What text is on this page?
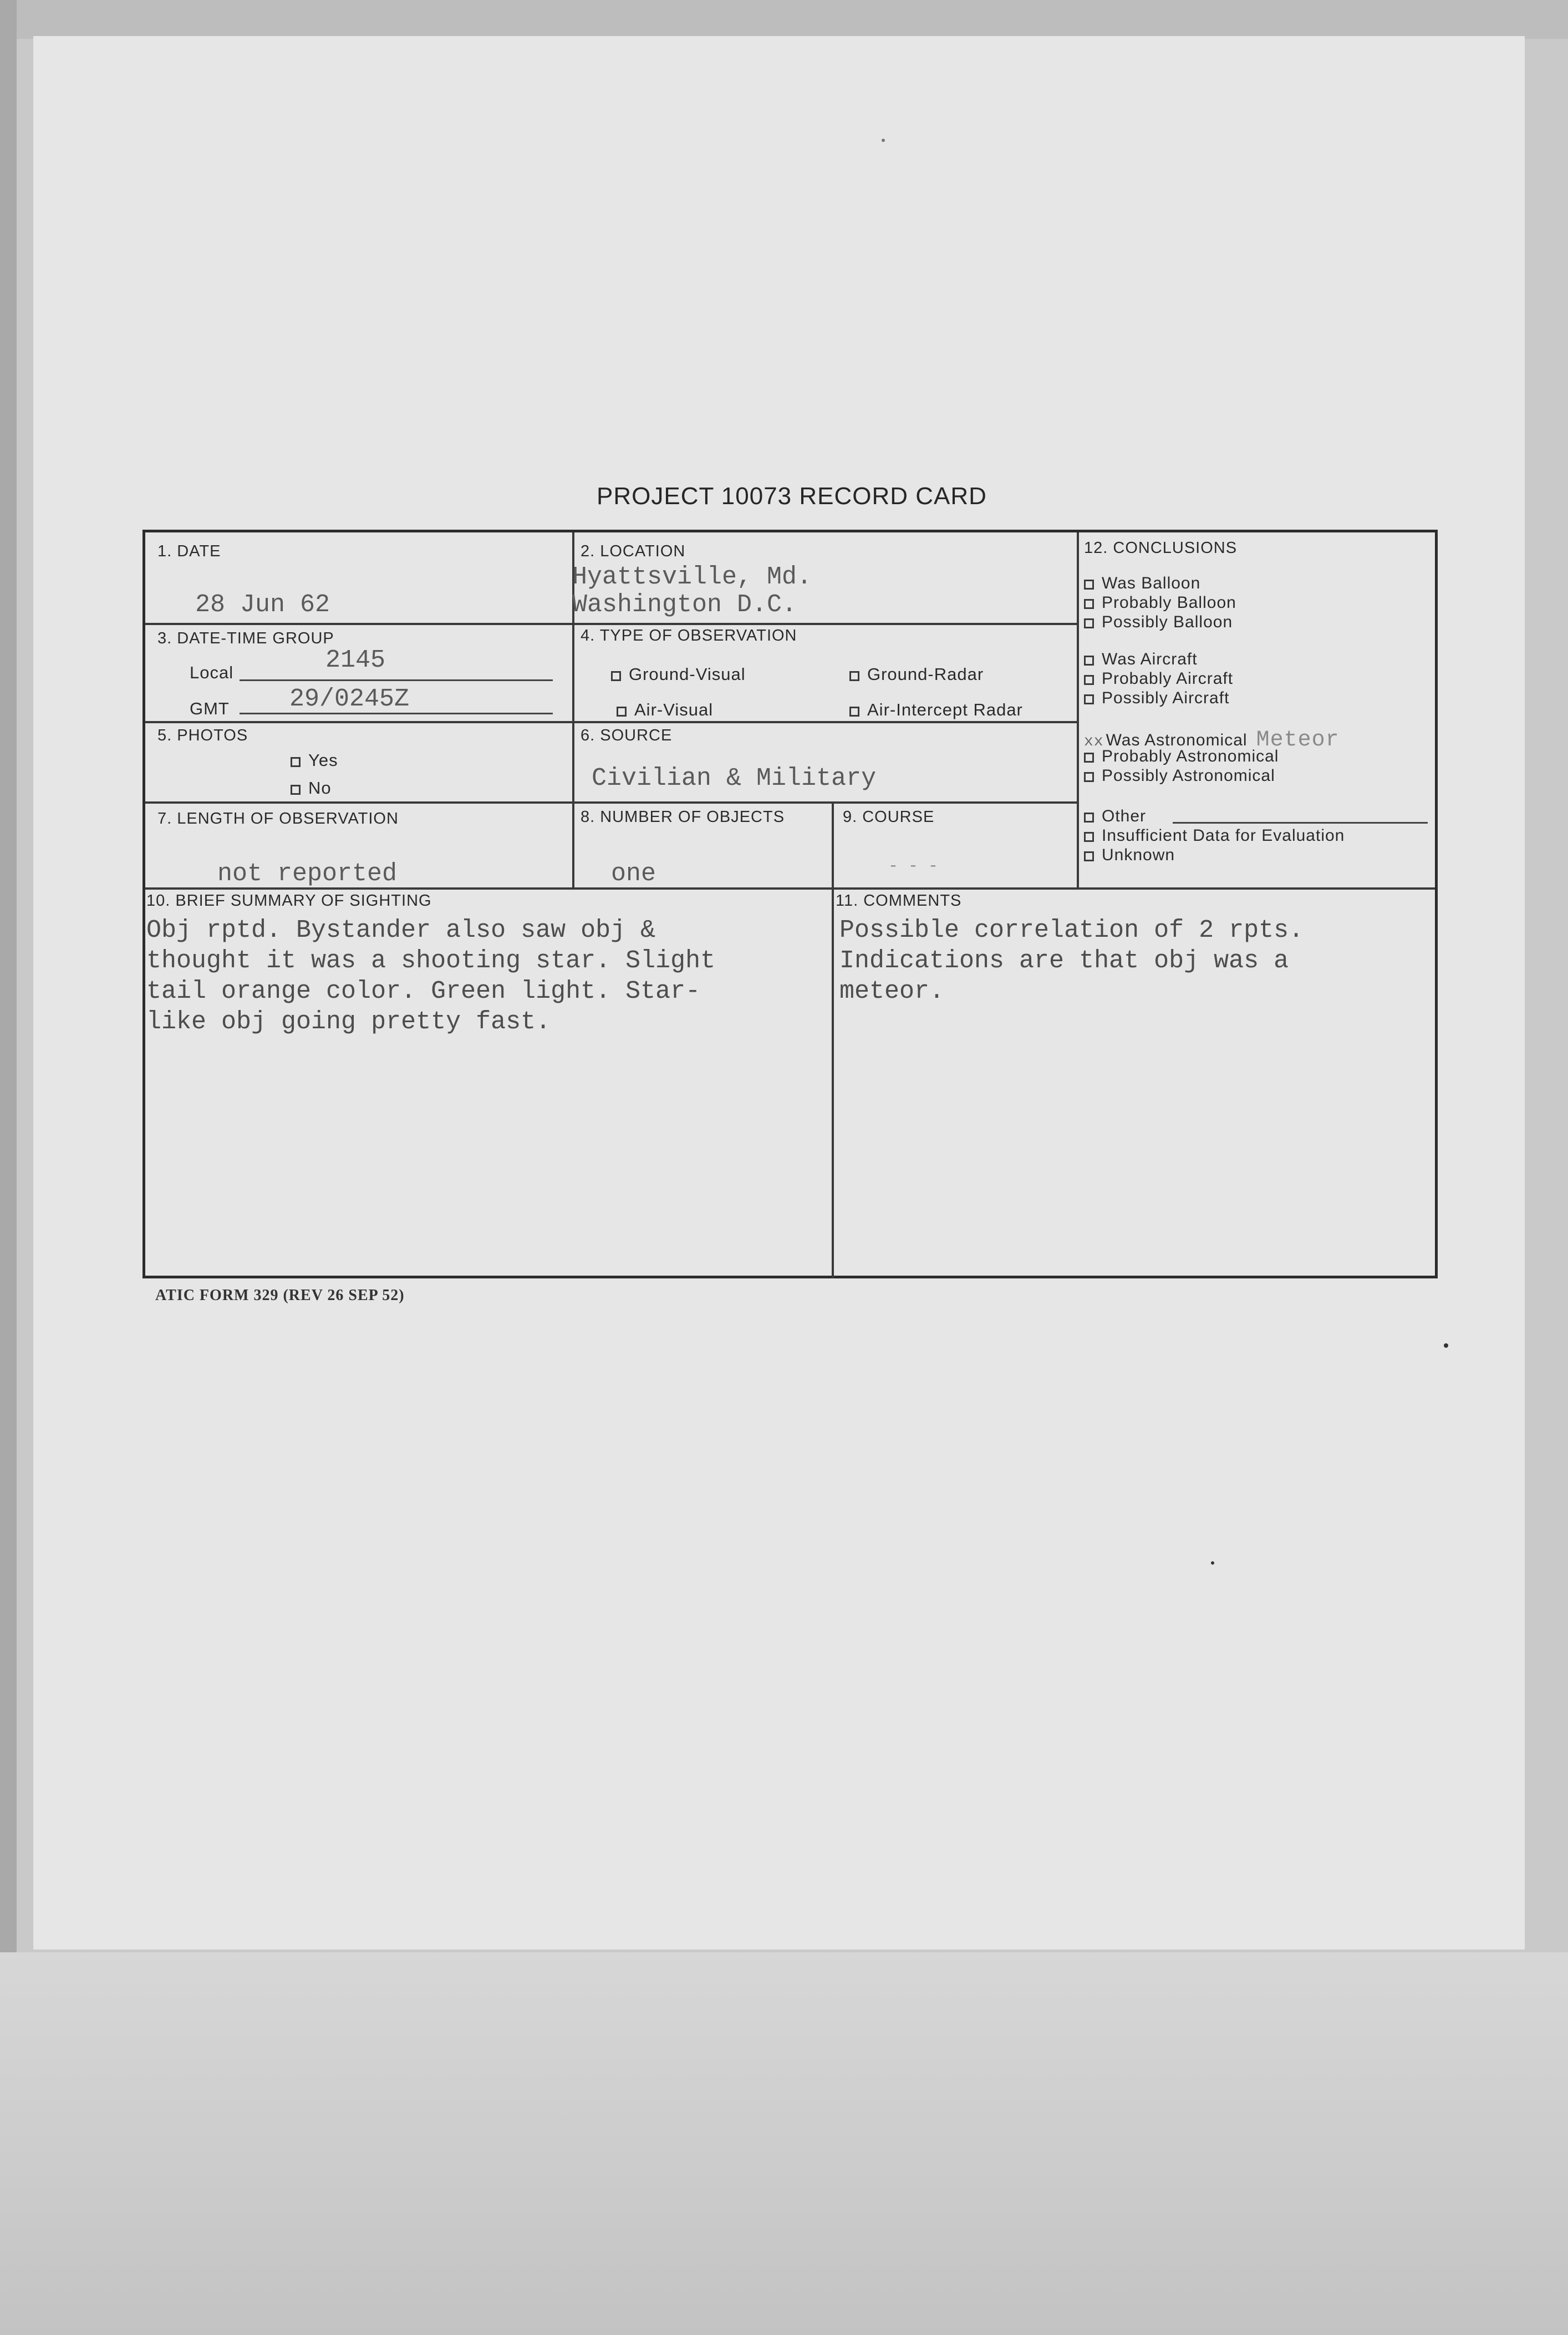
PROJECT 10073 RECORD CARD
1. DATE
28 Jun 62
2. LOCATION
Hyattsville, Md.
Washington D.C.
3. DATE-TIME GROUP
Local	2145
GMT 29/0245Z
4. TYPE OF OBSERVATION
Ground-Visual	Ground-Radar
Air-Visual	Air-Intercept Radar
5. PHOTOS
Yes
No
6. SOURCE
Civilian & Military
7. LENGTH OF OBSERVATION
not reported
8. NUMBER OF OBJECTS
one
9. COURSE
- - -
10. BRIEF SUMMARY OF SIGHTING
Obj rptd. Bystander also saw obj &
thought it was a shooting star. Slight
tail orange color. Green light. Star-
like obj going pretty fast.
11. COMMENTS
Possible correlation of 2 rpts.
Indications are that obj was a
meteor.
12. CONCLUSIONS
Was Balloon
Probably Balloon
Possibly Balloon
Was Aircraft
Probably Aircraft
Possibly Aircraft
xx Was Astronomical Meteor
Probably Astronomical
Possibly Astronomical
Other
Insufficient Data for Evaluation
Unknown
ATIC FORM 329 (REV 26 SEP 52)
